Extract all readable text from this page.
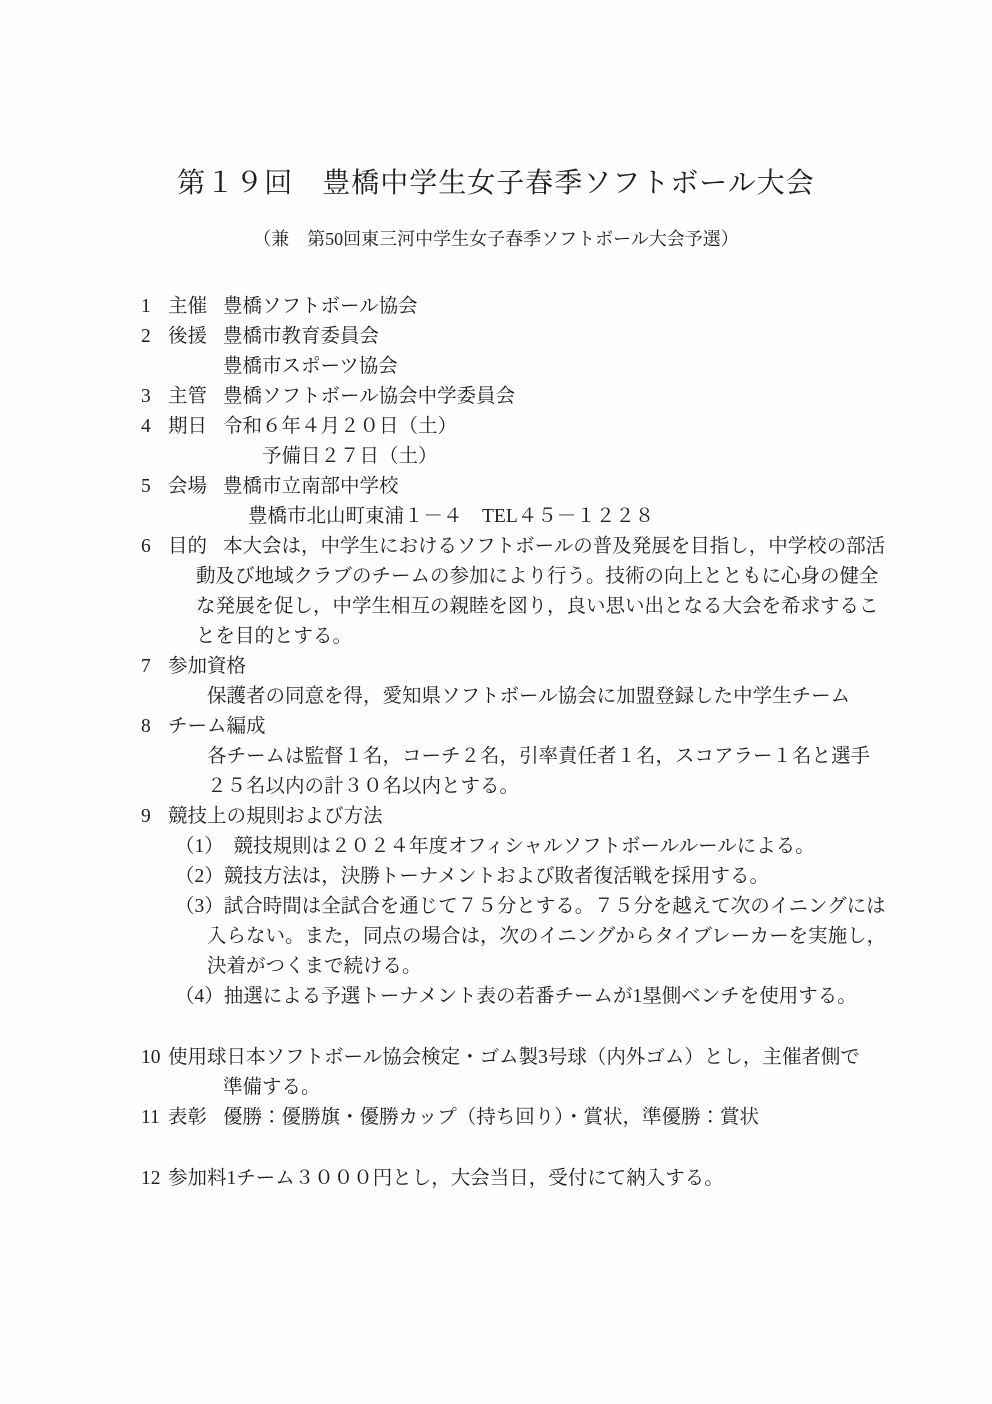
第１９回　豊橋中学生女子春季ソフトボール大会
（兼　第50回東三河中学生女子春季ソフトボール大会予選）
1 主催 豊橋ソフトボール協会
2 後援 豊橋市教育委員会
豊橋市スポーツ協会
3 主管 豊橋ソフトボール協会中学委員会
4 期日 令和６年４月２０日（土）
予備日２７日（土）
5 会場 豊橋市立南部中学校
豊橋市北山町東浦１－４　TEL４５－１２２８
6 目的 本大会は，中学生におけるソフトボールの普及発展を目指し，中学校の部活
動及び地域クラブのチームの参加により行う。技術の向上とともに心身の健全
な発展を促し，中学生相互の親睦を図り，良い思い出となる大会を希求するこ
とを目的とする。
7 参加資格
保護者の同意を得，愛知県ソフトボール協会に加盟登録した中学生チーム
8 チーム編成
各チームは監督１名，コーチ２名，引率責任者１名，スコアラー１名と選手
２５名以内の計３０名以内とする。
9 競技上の規則および方法
（1）　競技規則は２０２４年度オフィシャルソフトボールルールによる。
（2）競技方法は，決勝トーナメントおよび敗者復活戦を採用する。
（3）試合時間は全試合を通じて７５分とする。７５分を越えて次のイニングには
入らない。また，同点の場合は，次のイニングからタイブレーカーを実施し，
決着がつくまで続ける。
（4）抽選による予選トーナメント表の若番チームが1塁側ベンチを使用する。
10 使用球日本ソフトボール協会検定・ゴム製3号球（内外ゴム）とし，主催者側で
準備する。
11 表彰 優勝：優勝旗・優勝カップ（持ち回り）・賞状，準優勝：賞状
12 参加料1チーム３０００円とし，大会当日，受付にて納入する。
